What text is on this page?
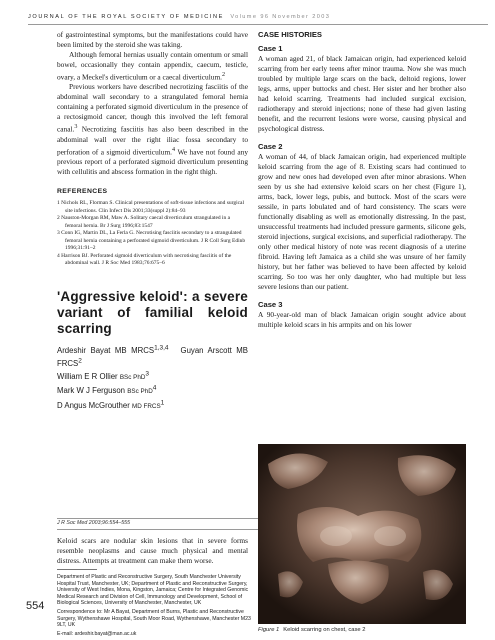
JOURNAL OF THE ROYAL SOCIETY OF MEDICINE Volume 96 November 2003

of gastrointestinal symptoms, but the manifestations could have been limited by the steroid she was taking.

Although femoral hernias usually contain omentum or small bowel, occasionally they contain appendix, caecum, testicle, ovary, a Meckel's diverticulum or a caecal diverticulum.$^2$

Previous workers have described necrotizing fasciitis of the abdominal wall secondary to a strangulated femoral hernia containing a perforated sigmoid diverticulum in the presence of a rectosigmoid cancer, though this involved the left femoral canal.$^3$ Necrotizing fasciitis has also been described in the abdominal wall over the right iliac fossa secondary to perforation of a sigmoid diverticulum.$^4$ We have not found any previous report of a perforated sigmoid diverticulum presenting with cellulitis and abscess formation in the right thigh.

REFERENCES
1 Nichols RL, Florman S. Clinical presentations of soft-tissue infections and surgical site infections. Clin Infect Dis 2001;33(suppl 2):84–93
2 Nauston-Morgan RM, Maw A. Solitary caecal diverticulum strangulated in a femoral hernia. Br J Surg 1996;83:1547
3 Conn IG, Martin DL, La Ferla G. Necrotising fasciitis secondary to a strangulated femoral hernia containing a perforated sigmoid diverticulum. J R Coll Surg Edinb 1996;31:91–2
4 Harrison BJ. Perforated sigmoid diverticulum with necrotising fasciitis of the abdominal wall. J R Soc Med 1983;76:675–6
'Aggressive keloid': a severe variant of familial keloid scarring
Ardeshir Bayat MB MRCS$^{1,3,4}$ Guyan Arscott MB FRCS$^2$
William E R Ollier BSc PhD$^3$
Mark W J Ferguson BSc PhD$^4$
D Angus McGrouther MD FRCS$^1$
J R Soc Med 2003;96:554–555

Keloid scars are nodular skin lesions that in severe forms resemble neoplasms and cause much physical and mental distress. Attempts at treatment can make them worse.

Department of Plastic and Reconstructive Surgery, South Manchester University Hospital Trust, Manchester, UK; Department of Plastic and Reconstructive Surgery, University of West Indies, Mona, Kingston, Jamaica; Centre for Integrated Genomic Medical Research and Division of Cell, Immunology and Development, School of Biological Sciences, University of Manchester, Manchester, UK

Correspondence to: Mr A Bayat, Department of Burns, Plastic and Reconstructive Surgery, Wythenshawe Hospital, South Moor Road, Wythenshawe, Manchester M23 9LT, UK

E-mail: ardeshir.bayat@man.ac.uk

554
CASE HISTORIES
Case 1

A woman aged 21, of black Jamaican origin, had experienced keloid scarring from her early teens after minor trauma. Now she was much troubled by multiple large scars on the back, deltoid regions, lower legs, arms, upper buttocks and chest. Her sister and her brother also had keloid scarring. Treatments had included surgical excision, radiotherapy and steroid injections; none of these had given lasting benefit, and the recurrent lesions were worse, causing physical and psychological distress.

Case 2

A woman of 44, of black Jamaican origin, had experienced multiple keloid scarring from the age of 8. Existing scars had continued to grow and new ones had developed even after minor abrasions. When seen by us she had extensive keloid scars on her chest (Figure 1), arms, back, lower legs, pubis, and buttock. Most of the scars were sessile, in parts lobulated and of hard consistency. The scars were functionally disabling as well as emotionally distressing. In the past, unsuccessful treatments had included pressure garments, silicone gels, steroid injections, surgical excisions, and superficial radiotherapy. The only other medical history of note was recent diagnosis of a uterine fibroid. Having left Jamaica as a child she was unsure of her family history, but her father was believed to have been affected by keloid scarring. So too was her only daughter, who had multiple but less severe lesions than our patient.

Case 3

A 90-year-old man of black Jamaican origin sought advice about multiple keloid scars in his armpits and on his lower

Figure 1 Keloid scarring on chest, case 2
